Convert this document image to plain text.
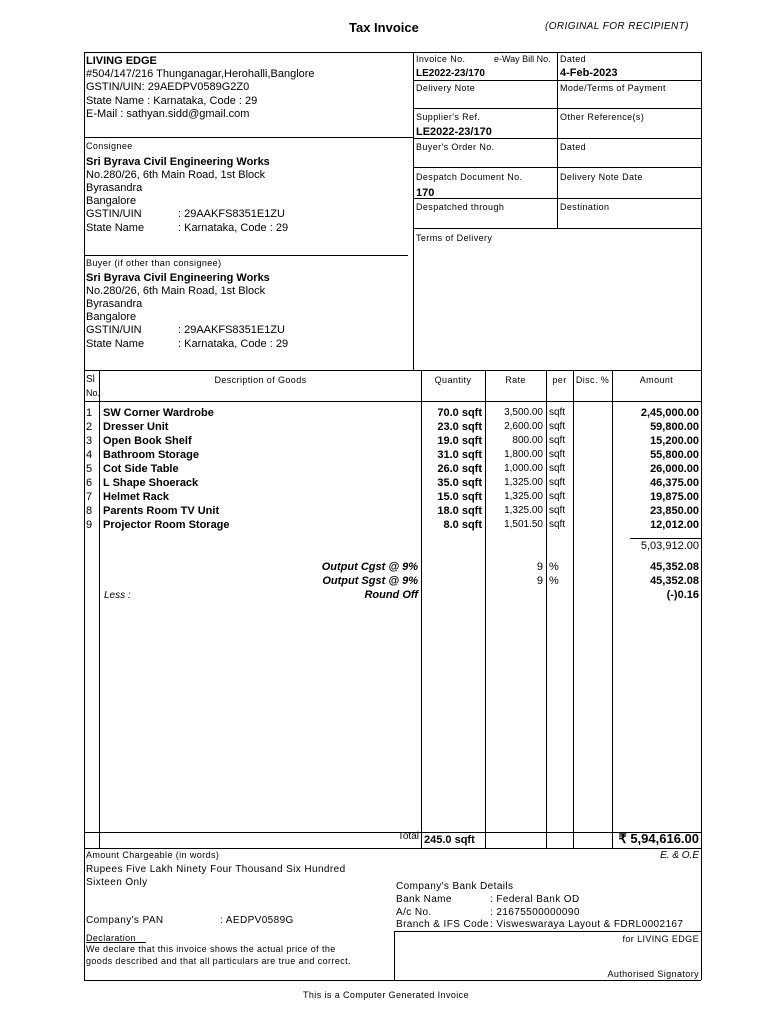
Tax Invoice	(ORIGINAL FOR RECIPIENT)
LIVING EDGE
#504/147/216 Thunganagar,Herohalli,Banglore
GSTIN/UIN: 29AEDPV0589G2Z0
State Name : Karnataka, Code : 29
E-Mail : sathyan.sidd@gmail.com
Consignee
Sri Byrava Civil Engineering Works
No.280/26, 6th Main Road, 1st Block
Byrasandra
Bangalore
GSTIN/UIN	: 29AAKFS8351E1ZU
State Name	: Karnataka, Code : 29
Buyer (if other than consignee)
Sri Byrava Civil Engineering Works
No.280/26, 6th Main Road, 1st Block
Byrasandra
Bangalore
GSTIN/UIN	: 29AAKFS8351E1ZU
State Name	: Karnataka, Code : 29
Invoice No.	e-Way Bill No.
LE2022-23/170
Dated
4-Feb-2023
Delivery Note	Mode/Terms of Payment
Supplier's Ref.
LE2022-23/170
Other Reference(s)
Buyer's Order No.	Dated
Despatch Document No.
170
Delivery Note Date
Despatched through	Destination
Terms of Delivery
Sl
No.
Description of Goods	Quantity	Rate	per	Disc. %	Amount
1 SW Corner Wardrobe	70.0 sqft	3,500.00 sqft	2,45,000.00
2 Dresser Unit	23.0 sqft	2,600.00 sqft	59,800.00
3 Open Book Shelf	19.0 sqft	800.00 sqft	15,200.00
4 Bathroom Storage	31.0 sqft	1,800.00 sqft	55,800.00
5 Cot Side Table	26.0 sqft	1,000.00 sqft	26,000.00
6 L Shape Shoerack	35.0 sqft	1,325.00 sqft	46,375.00
7 Helmet Rack	15.0 sqft	1,325.00 sqft	19,875.00
8 Parents Room TV Unit	18.0 sqft	1,325.00 sqft	23,850.00
9 Projector Room Storage	8.0 sqft	1,501.50 sqft	12,012.00
5,03,912.00
Output Cgst @ 9%	9 %	45,352.08
Output Sgst @ 9%	9 %	45,352.08
Less :	Round Off	(-)0.16
Total 245.0 sqft	₹ 5,94,616.00
Amount Chargeable (in words)	E. & O.E
Rupees Five Lakh Ninety Four Thousand Six Hundred
Sixteen Only	Company's Bank Details
Bank Name	: Federal Bank OD
A/c No.	: 21675500000090
Branch & IFS Code : Visweswaraya Layout & FDRL0002167
Company's PAN	: AEDPV0589G
Declaration
We declare that this invoice shows the actual price of the
goods described and that all particulars are true and correct.
for LIVING EDGE
Authorised Signatory
This is a Computer Generated Invoice
